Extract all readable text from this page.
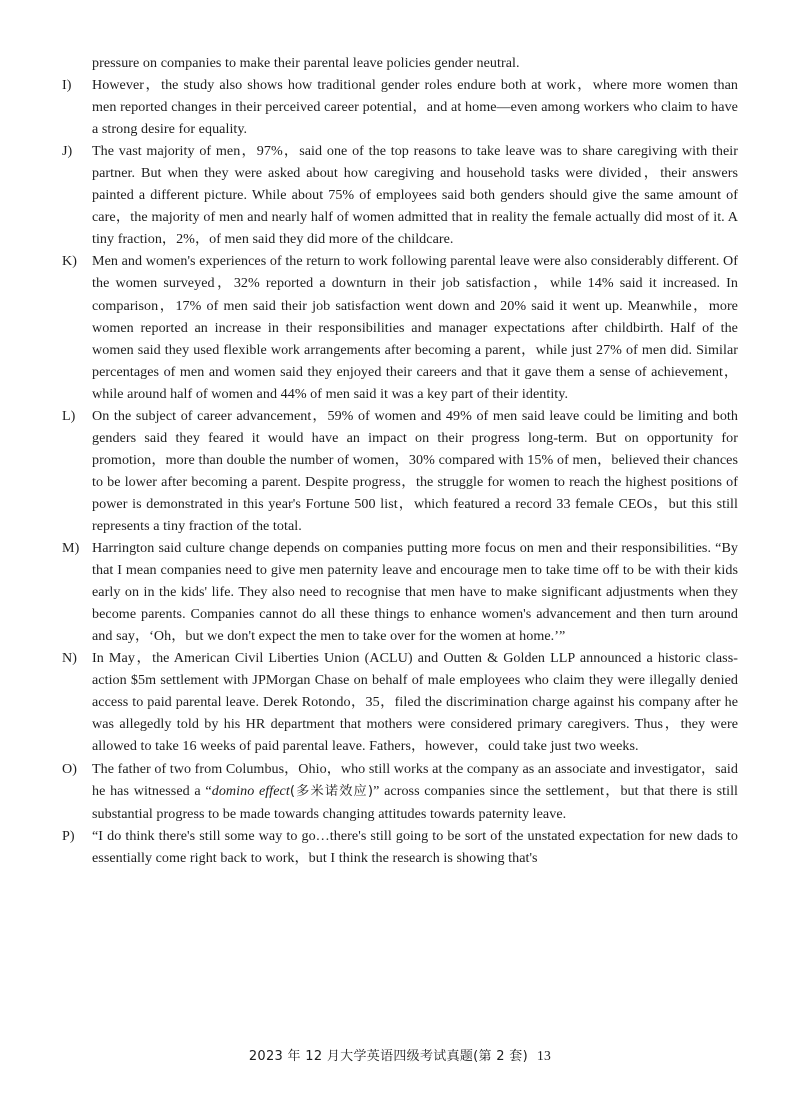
pressure on companies to make their parental leave policies gender neutral.

I)	However，the study also shows how traditional gender roles endure both at work，where more women than men reported changes in their perceived career potential，and at home—even among workers who claim to have a strong desire for equality.

J)	The vast majority of men，97%，said one of the top reasons to take leave was to share caregiving with their partner. But when they were asked about how caregiving and household tasks were divided，their answers painted a different picture. While about 75% of employees said both genders should give the same amount of care，the majority of men and nearly half of women admitted that in reality the female actually did most of it. A tiny fraction，2%，of men said they did more of the childcare.

K)	Men and women's experiences of the return to work following parental leave were also considerably different. Of the women surveyed，32% reported a downturn in their job satisfaction，while 14% said it increased. In comparison，17% of men said their job satisfaction went down and 20% said it went up. Meanwhile，more women reported an increase in their responsibilities and manager expectations after childbirth. Half of the women said they used flexible work arrangements after becoming a parent，while just 27% of men did. Similar percentages of men and women said they enjoyed their careers and that it gave them a sense of achievement，while around half of women and 44% of men said it was a key part of their identity.

L)	On the subject of career advancement，59% of women and 49% of men said leave could be limiting and both genders said they feared it would have an impact on their progress long-term. But on opportunity for promotion，more than double the number of women，30% compared with 15% of men，believed their chances to be lower after becoming a parent. Despite progress，the struggle for women to reach the highest positions of power is demonstrated in this year's Fortune 500 list，which featured a record 33 female CEOs，but this still represents a tiny fraction of the total.

M) Harrington said culture change depends on companies putting more focus on men and their responsibilities. “By that I mean companies need to give men paternity leave and encourage men to take time off to be with their kids early on in the kids' life. They also need to recognise that men have to make significant adjustments when they become parents. Companies cannot do all these things to enhance women's advancement and then turn around and say，‘Oh，but we don't expect the men to take over for the women at home.’”

N)	In May，the American Civil Liberties Union (ACLU) and Outten & Golden LLP announced a historic class-action $5m settlement with JPMorgan Chase on behalf of male employees who claim they were illegally denied access to paid parental leave. Derek Rotondo，35，filed the discrimination charge against his company after he was allegedly told by his HR department that mothers were considered primary caregivers. Thus，they were allowed to take 16 weeks of paid parental leave. Fathers，however，could take just two weeks.

O)	The father of two from Columbus，Ohio，who still works at the company as an associate and investigator，said he has witnessed a “domino effect(多米诺效应)” across companies since the settlement，but that there is still substantial progress to be made towards changing attitudes towards paternity leave.

P)	“I do think there's still some way to go…there's still going to be sort of the unstated expectation for new dads to essentially come right back to work，but I think the research is showing that's

2023 年 12 月大学英语四级考试真题(第 2 套) 13
